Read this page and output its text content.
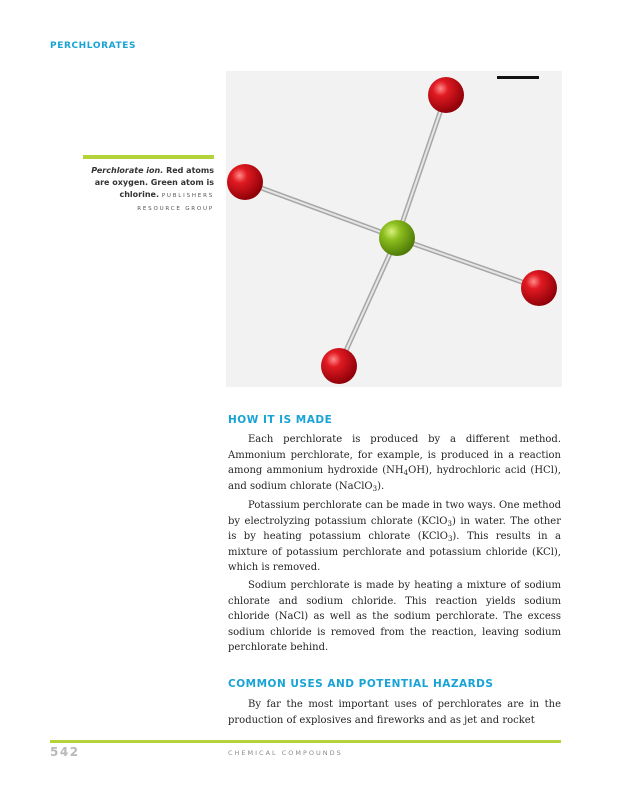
PERCHLORATES
Perchlorate ion. Red atoms are oxygen. Green atom is chlorine. PUBLISHERS RESOURCE GROUP
HOW IT IS MADE

Each perchlorate is produced by a different method. Ammonium perchlorate, for example, is produced in a reaction among ammonium hydroxide $(NH_4OH)$, hydrochloric acid (HCl), and sodium chlorate (NaClO$_3$).

Potassium perchlorate can be made in two ways. One method by electrolyzing potassium chlorate (KClO$_3$) in water. The other is by heating potassium chlorate (KClO$_3$). This results in a mixture of potassium perchlorate and potassium chloride (KCl), which is removed.

Sodium perchlorate is made by heating a mixture of sodium chlorate and sodium chloride. This reaction yields sodium chloride (NaCl) as well as the sodium perchlorate. The excess sodium chloride is removed from the reaction, leaving sodium perchlorate behind.

COMMON USES AND POTENTIAL HAZARDS

By far the most important uses of perchlorates are in the production of explosives and fireworks and as jet and rocket

542	CHEMICAL COMPOUNDS
